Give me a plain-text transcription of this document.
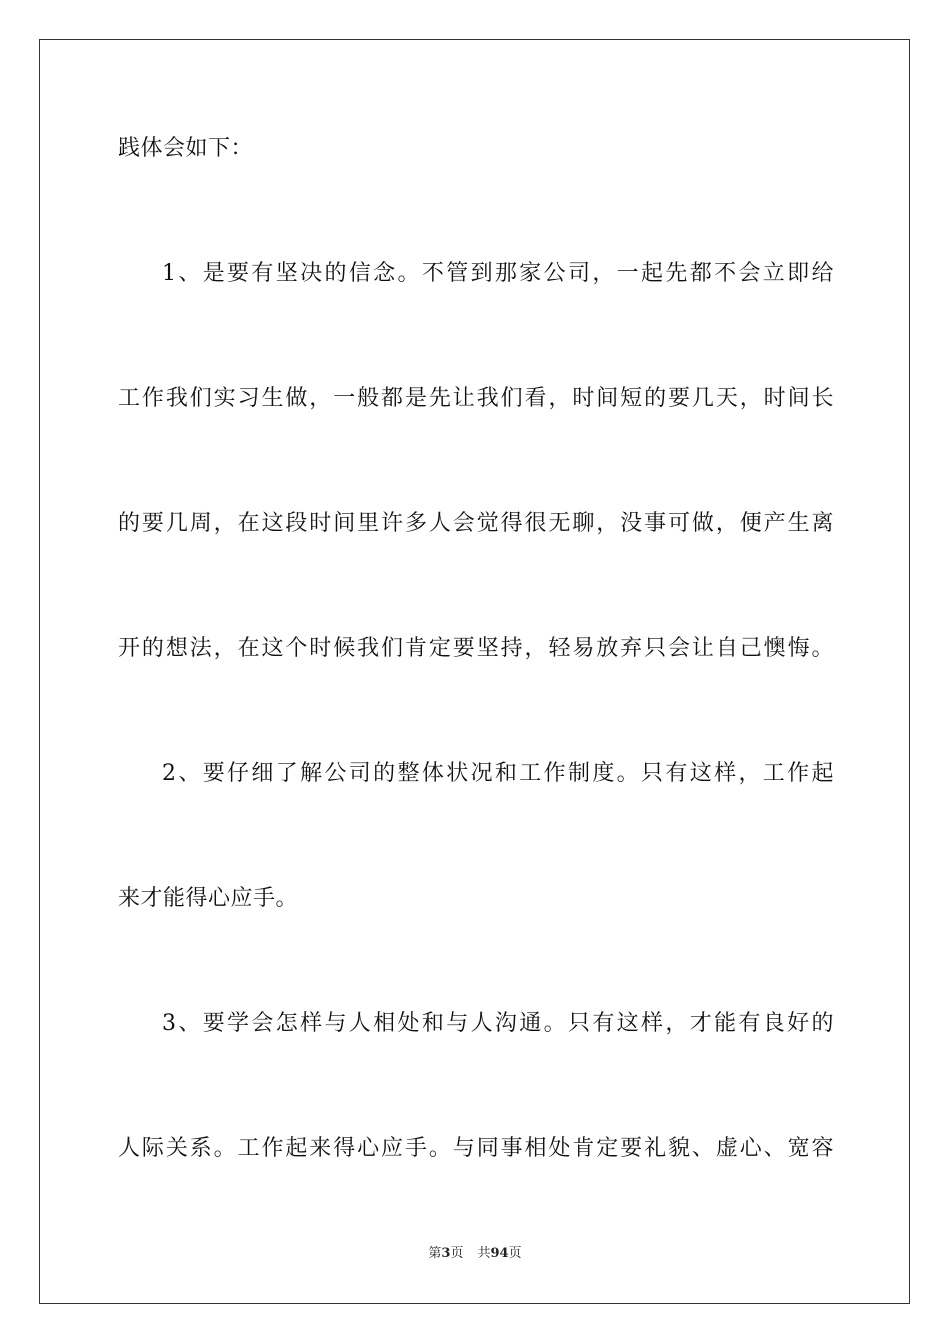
践体会如下：
1、是要有坚决的信念。不管到那家公司，一起先都不会立即给
工作我们实习生做，一般都是先让我们看，时间短的要几天，时间长
的要几周，在这段时间里许多人会觉得很无聊，没事可做，便产生离
开的想法，在这个时候我们肯定要坚持，轻易放弃只会让自己懊悔。
2、要仔细了解公司的整体状况和工作制度。只有这样，工作起
来才能得心应手。
3、要学会怎样与人相处和与人沟通。只有这样，才能有良好的
人际关系。工作起来得心应手。与同事相处肯定要礼貌、虚心、宽容
第3页 共94页
